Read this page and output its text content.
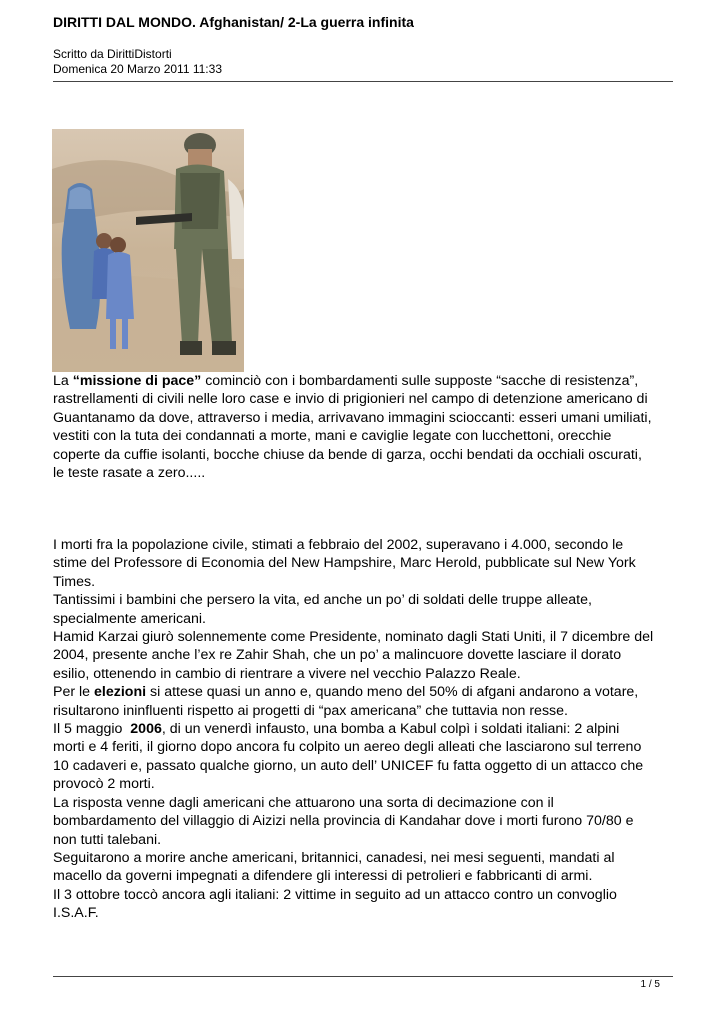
DIRITTI DAL MONDO. Afghanistan/ 2-La guerra infinita
Scritto da DirittiDistorti
Domenica 20 Marzo 2011 11:33
La “missione di pace” cominciò con i bombardamenti sulle supposte “sacche di resistenza”,
rastrellamenti di civili nelle loro case e invio di prigionieri nel campo di detenzione americano di
Guantanamo da dove, attraverso i media, arrivavano immagini scioccanti: esseri umani umiliati,
vestiti con la tuta dei condannati a morte, mani e caviglie legate con lucchettoni, orecchie
coperte da cuffie isolanti, bocche chiuse da bende di garza, occhi bendati da occhiali oscurati,
le teste rasate a zero.....
I morti fra la popolazione civile, stimati a febbraio del 2002, superavano i 4.000, secondo le
stime del Professore di Economia del New Hampshire, Marc Herold, pubblicate sul New York
Times.
Tantissimi i bambini che persero la vita, ed anche un po’ di soldati delle truppe alleate,
specialmente americani.
Hamid Karzai giurò solennemente come Presidente, nominato dagli Stati Uniti, il 7 dicembre del
2004, presente anche l’ex re Zahir Shah, che un po’ a malincuore dovette lasciare il dorato
esilio, ottenendo in cambio di rientrare a vivere nel vecchio Palazzo Reale.
Per le elezioni si attese quasi un anno e, quando meno del 50% di afgani andarono a votare,
risultarono ininfluenti rispetto ai progetti di “pax americana” che tuttavia non resse.
Il 5 maggio  2006, di un venerdì infausto, una bomba a Kabul colpì i soldati italiani: 2 alpini
morti e 4 feriti, il giorno dopo ancora fu colpito un aereo degli alleati che lasciarono sul terreno
10 cadaveri e, passato qualche giorno, un auto dell’ UNICEF fu fatta oggetto di un attacco che
provocò 2 morti.
La risposta venne dagli americani che attuarono una sorta di decimazione con il
bombardamento del villaggio di Aizizi nella provincia di Kandahar dove i morti furono 70/80 e
non tutti talebani.
Seguitarono a morire anche americani, britannici, canadesi, nei mesi seguenti, mandati al
macello da governi impegnati a difendere gli interessi di petrolieri e fabbricanti di armi.
Il 3 ottobre toccò ancora agli italiani: 2 vittime in seguito ad un attacco contro un convoglio
I.S.A.F.
1 / 5
